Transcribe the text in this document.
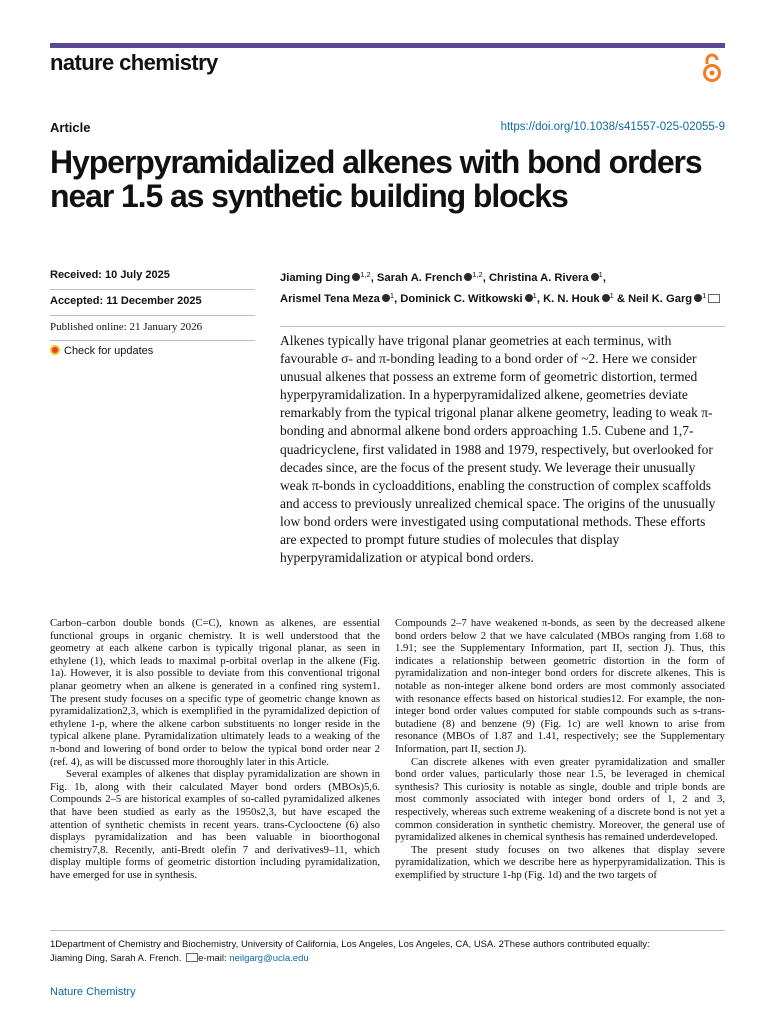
nature chemistry
Article	https://doi.org/10.1038/s41557-025-02055-9
Hyperpyramidalized alkenes with bond orders near 1.5 as synthetic building blocks
Received: 10 July 2025
Accepted: 11 December 2025
Published online: 21 January 2026
Check for updates

Jiaming Ding $^{1,2}$, Sarah A. French $^{1,2}$, Christina A. Rivera $^1$,
Arismel Tena Meza $^1$, Dominick C. Witkowski $^1$, K. N. Houk $^1$ & Neil K. Garg $^1$

Alkenes typically have trigonal planar geometries at each terminus, with favourable σ- and π-bonding leading to a bond order of ~2. Here we consider unusual alkenes that possess an extreme form of geometric distortion, termed hyperpyramidalization. In a hyperpyramidalized alkene, geometries deviate remarkably from the typical trigonal planar alkene geometry, leading to weak π-bonding and abnormal alkene bond orders approaching 1.5. Cubene and 1,7-quadricyclene, first validated in 1988 and 1979, respectively, but overlooked for decades since, are the focus of the present study. We leverage their unusually weak π-bonds in cycloadditions, enabling the construction of complex scaffolds and access to previously unrealized chemical space. The origins of the unusually low bond orders were investigated using computational methods. These efforts are expected to prompt future studies of molecules that display hyperpyramidalization or atypical bond orders.

Carbon–carbon double bonds (C=C), known as alkenes, are essential functional groups in organic chemistry. It is well understood that the geometry at each alkene carbon is typically trigonal planar, as seen in ethylene (1), which leads to maximal p-orbital overlap in the alkene (Fig. 1a). However, it is also possible to deviate from this conventional trigonal planar geometry when an alkene is generated in a confined ring system1. The present study focuses on a specific type of geometric change known as pyramidalization2,3, which is exemplified in the pyramidalized depiction of ethylene 1-p, where the alkene carbon substituents no longer reside in the typical alkene plane. Pyramidalization ultimately leads to a weaking of the π-bond and lowering of bond order to below the typical bond order near 2 (ref. 4), as will be discussed more thoroughly later in this Article.

Several examples of alkenes that display pyramidalization are shown in Fig. 1b, along with their calculated Mayer bond orders (MBOs)5,6. Compounds 2–5 are historical examples of so-called pyramidalized alkenes that have been studied as early as the 1950s2,3, but have escaped the attention of synthetic chemists in recent years. trans-Cyclooctene (6) also displays pyramidalization and has been valuable in bioorthogonal chemistry7,8. Recently, anti-Bredt olefin 7 and derivatives9–11, which display multiple forms of geometric distortion including pyramidalization, have emerged for use in synthesis.

Compounds 2–7 have weakened π-bonds, as seen by the decreased alkene bond orders below 2 that we have calculated (MBOs ranging from 1.68 to 1.91; see the Supplementary Information, part II, section J). Thus, this indicates a relationship between geometric distortion in the form of pyramidalization and non-integer bond orders for discrete alkenes. This is notable as non-integer alkene bond orders are most commonly associated with resonance effects based on historical studies12. For example, the non-integer bond order values computed for stable compounds such as s-trans-butadiene (8) and benzene (9) (Fig. 1c) are well known to arise from resonance (MBOs of 1.87 and 1.41, respectively; see the Supplementary Information, part II, section J).

Can discrete alkenes with even greater pyramidalization and smaller bond order values, particularly those near 1.5, be leveraged in chemical synthesis? This curiosity is notable as single, double and triple bonds are most commonly associated with integer bond orders of 1, 2 and 3, respectively, whereas such extreme weakening of a discrete bond is not yet a common consideration in synthetic chemistry. Moreover, the general use of pyramidalized alkenes in chemical synthesis has remained underdeveloped.

The present study focuses on two alkenes that display severe pyramidalization, which we describe here as hyperpyramidalization. This is exemplified by structure 1-hp (Fig. 1d) and the two targets of

1Department of Chemistry and Biochemistry, University of California, Los Angeles, Los Angeles, CA, USA. 2These authors contributed equally:
Jiaming Ding, Sarah A. French. e-mail: neilgarg@ucla.edu

Nature Chemistry
